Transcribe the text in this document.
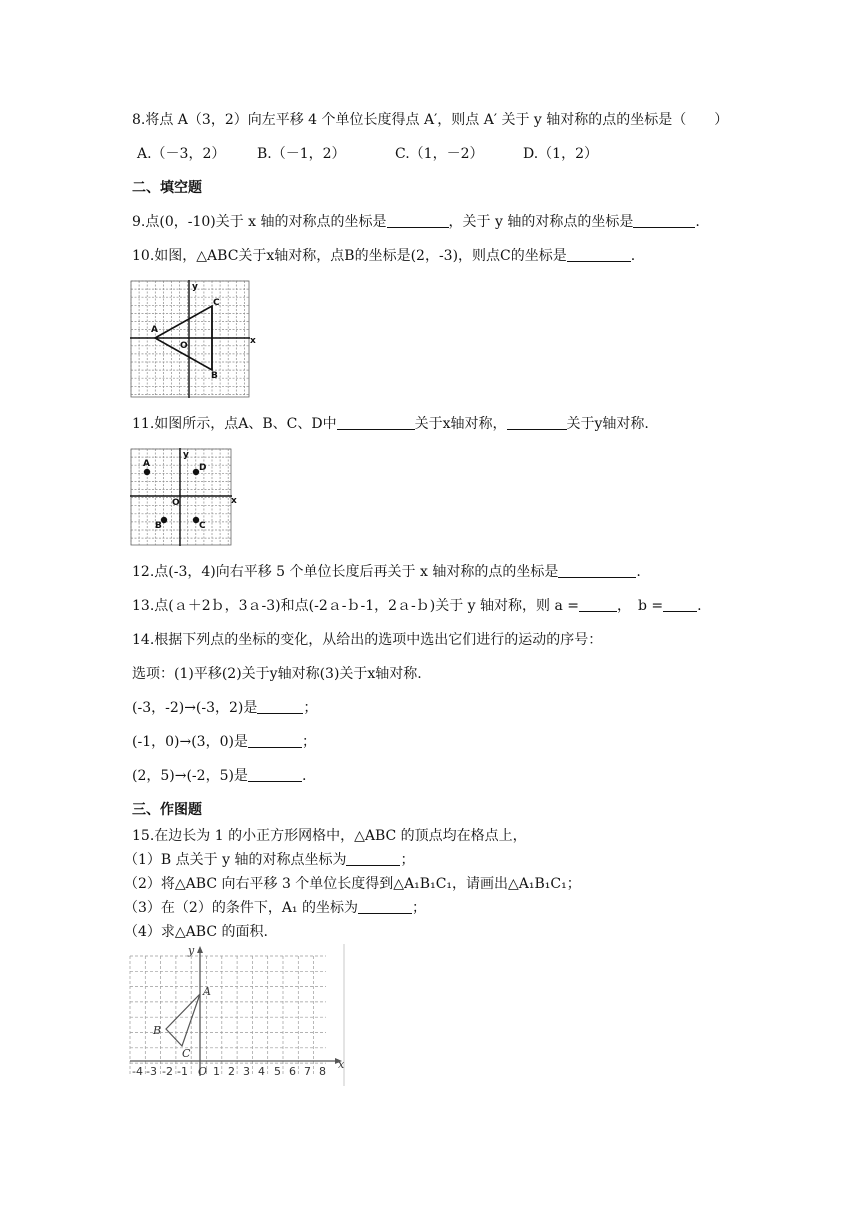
8.将点 A（3，2）向左平移 4 个单位长度得点 A′，则点 A′ 关于 y 轴对称的点的坐标是（　　）
A.（－3，2） B.（－1，2）	C.（1，－2）	D.（1，2）
二、填空题
9.点(0，-10)关于 x 轴的对称点的坐标是	，关于 y 轴的对称点的坐标是	.
10.如图，△ABC关于x轴对称，点B的坐标是(2，-3)，则点C的坐标是	.
A
C
B
O
y
x
11.如图所示，点A、B、C、D中	关于x轴对称，	关于y轴对称.
A	D
B	C
O
y
x
12.点(-3，4)向右平移 5 个单位长度后再关于 x 轴对称的点的坐标是	.
13.点(ａ＋2ｂ，3ａ-3)和点(-2ａ-ｂ-1，2ａ-ｂ)关于 y 轴对称，则 a =	，　b = .
14.根据下列点的坐标的变化，从给出的选项中选出它们进行的运动的序号：
选项：(1)平移(2)关于y轴对称(3)关于x轴对称.
(-3，-2)→(-3，2)是	；
(-1，0)→(3，0)是	；
(2，5)→(-2，5)是	.
三、作图题
15.在边长为 1 的小正方形网格中，△ABC 的顶点均在格点上，
（1）B 点关于 y 轴的对称点坐标为	；
（2）将△ABC 向右平移 3 个单位长度得到△A₁B₁C₁，请画出△A₁B₁C₁；
（3）在（2）的条件下，A₁ 的坐标为	；
（4）求△ABC 的面积.
A
B
C
y
x
O
-4 -3 -2 -1 1 2 3 4 5 6 7 8
